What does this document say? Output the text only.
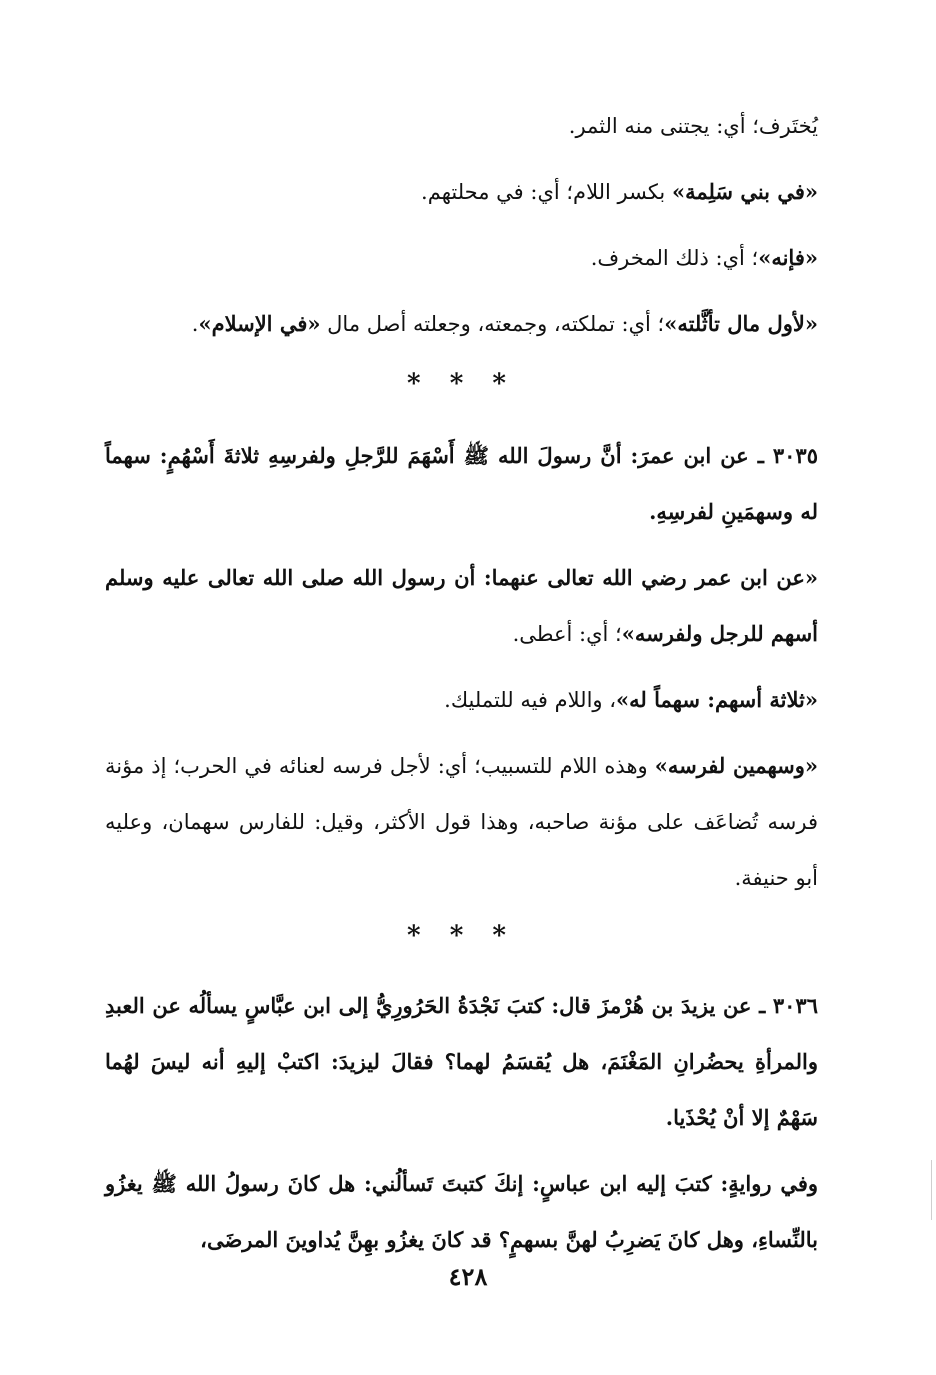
يُختَرف؛ أي: يجتنى منه الثمر.

«في بني سَلِمة» بكسر اللام؛ أي: في محلتهم.

«فإنه»؛ أي: ذلك المخرف.

«لأول مال تأثَّلته»؛ أي: تملكته، وجمعته، وجعلته أصل مال «في الإسلام».

* * *

٣٠٣٥ ـ عن ابن عمرَ: أنَّ رسولَ الله ﷺ أَسْهَمَ للرَّجلِ ولفرسِهِ ثلاثةَ أَسْهُمٍ: سهماً له وسهمَينِ لفرسِهِ.

«عن ابن عمر رضي الله تعالى عنهما: أن رسول الله صلى الله تعالى عليه وسلم أسهم للرجل ولفرسه»؛ أي: أعطى.

«ثلاثة أسهم: سهماً له»، واللام فيه للتمليك.

«وسهمين لفرسه» وهذه اللام للتسبيب؛ أي: لأجل فرسه لعنائه في الحرب؛ إذ مؤنة فرسه تُضاعَف على مؤنة صاحبه، وهذا قول الأكثر، وقيل: للفارس سهمان، وعليه أبو حنيفة.

* * *

٣٠٣٦ ـ عن يزيدَ بن هُرْمزَ قال: كتبَ نَجْدَةُ الحَرُورِيُّ إلى ابن عبَّاسٍ يسألُه عن العبدِ والمرأةِ يحضُرانِ المَغْنَمَ، هل يُقسَمُ لهما؟ فقالَ ليزيدَ: اكتبْ إليهِ أنه ليسَ لهُما سَهْمٌ إلا أنْ يُحْذَيا.

وفي روايةٍ: كتبَ إليه ابن عباسٍ: إنكَ كتبتَ تَسألُني: هل كانَ رسولُ الله ﷺ يغزُو بالنِّساءِ، وهل كانَ يَضرِبُ لهنَّ بسهمٍ؟ قد كانَ يغزُو بهِنَّ يُداوينَ المرضَى،

٤٢٨
